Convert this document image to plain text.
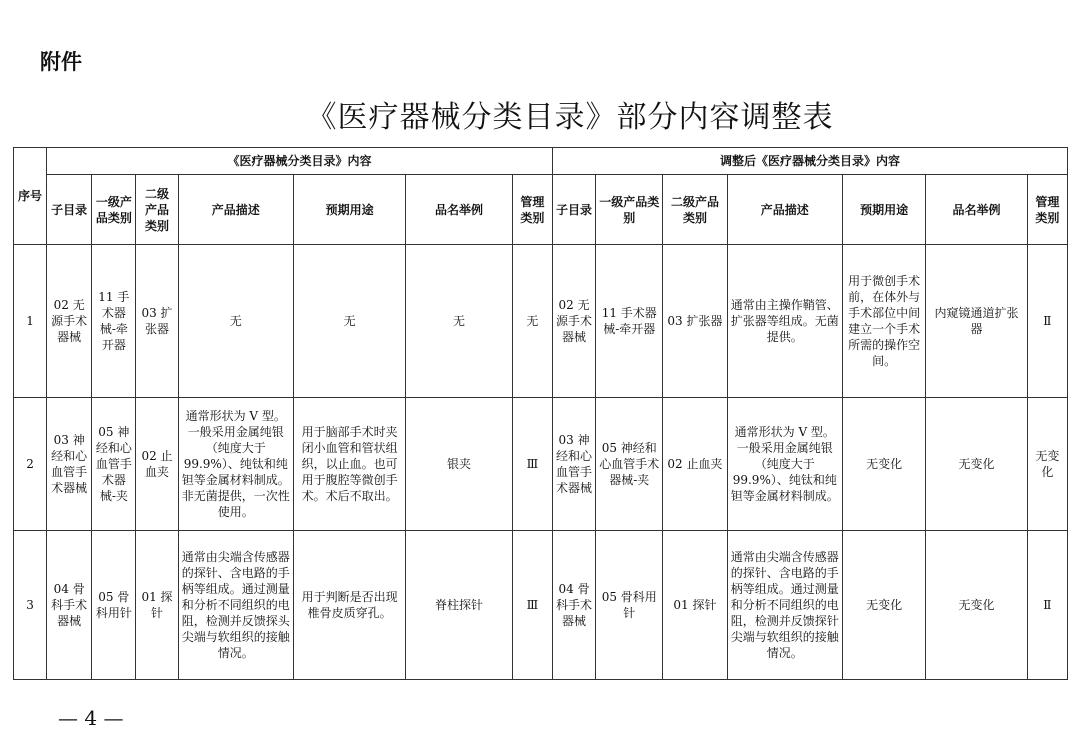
附件
《医疗器械分类目录》部分内容调整表
序号	《医疗器械分类目录》内容							调整后《医疗器械分类目录》内容						
	子目录	一级产品类别	二级产品类别	产品描述	预期用途	品名举例	管理类别	子目录	一级产品类别	二级产品类别	产品描述	预期用途	品名举例	管理类别
1	02 无源手术器械	11 手术器械-牵开器	03 扩张器	无	无	无	无	02 无源手术器械	11 手术器械-牵开器	03 扩张器	通常由主操作鞘管、扩张器等组成。无菌提供。	用于微创手术前，在体外与手术部位中间建立一个手术所需的操作空间。	内窥镜通道扩张器	Ⅱ
2	03 神经和心血管手术器械	05 神经和心血管手术器械-夹	02 止血夹	通常形状为 V 型。一般采用金属纯银（纯度大于 99.9%）、纯钛和纯钽等金属材料制成。非无菌提供，一次性使用。	用于脑部手术时夹闭小血管和管状组织，以止血。也可用于腹腔等微创手术。术后不取出。	银夹	Ⅲ	03 神经和心血管手术器械	05 神经和心血管手术器械-夹	02 止血夹	通常形状为 V 型。一般采用金属纯银（纯度大于 99.9%）、纯钛和纯钽等金属材料制成。	无变化	无变化	无变化
3	04 骨科手术器械	05 骨科用针	01 探针	通常由尖端含传感器的探针、含电路的手柄等组成。通过测量和分析不同组织的电阻，检测并反馈探头尖端与软组织的接触情况。	用于判断是否出现椎骨皮质穿孔。	脊柱探针	Ⅲ	04 骨科手术器械	05 骨科用针	01 探针	通常由尖端含传感器的探针、含电路的手柄等组成。通过测量和分析不同组织的电阻，检测并反馈探针尖端与软组织的接触情况。	无变化	无变化	Ⅱ
— 4 —
